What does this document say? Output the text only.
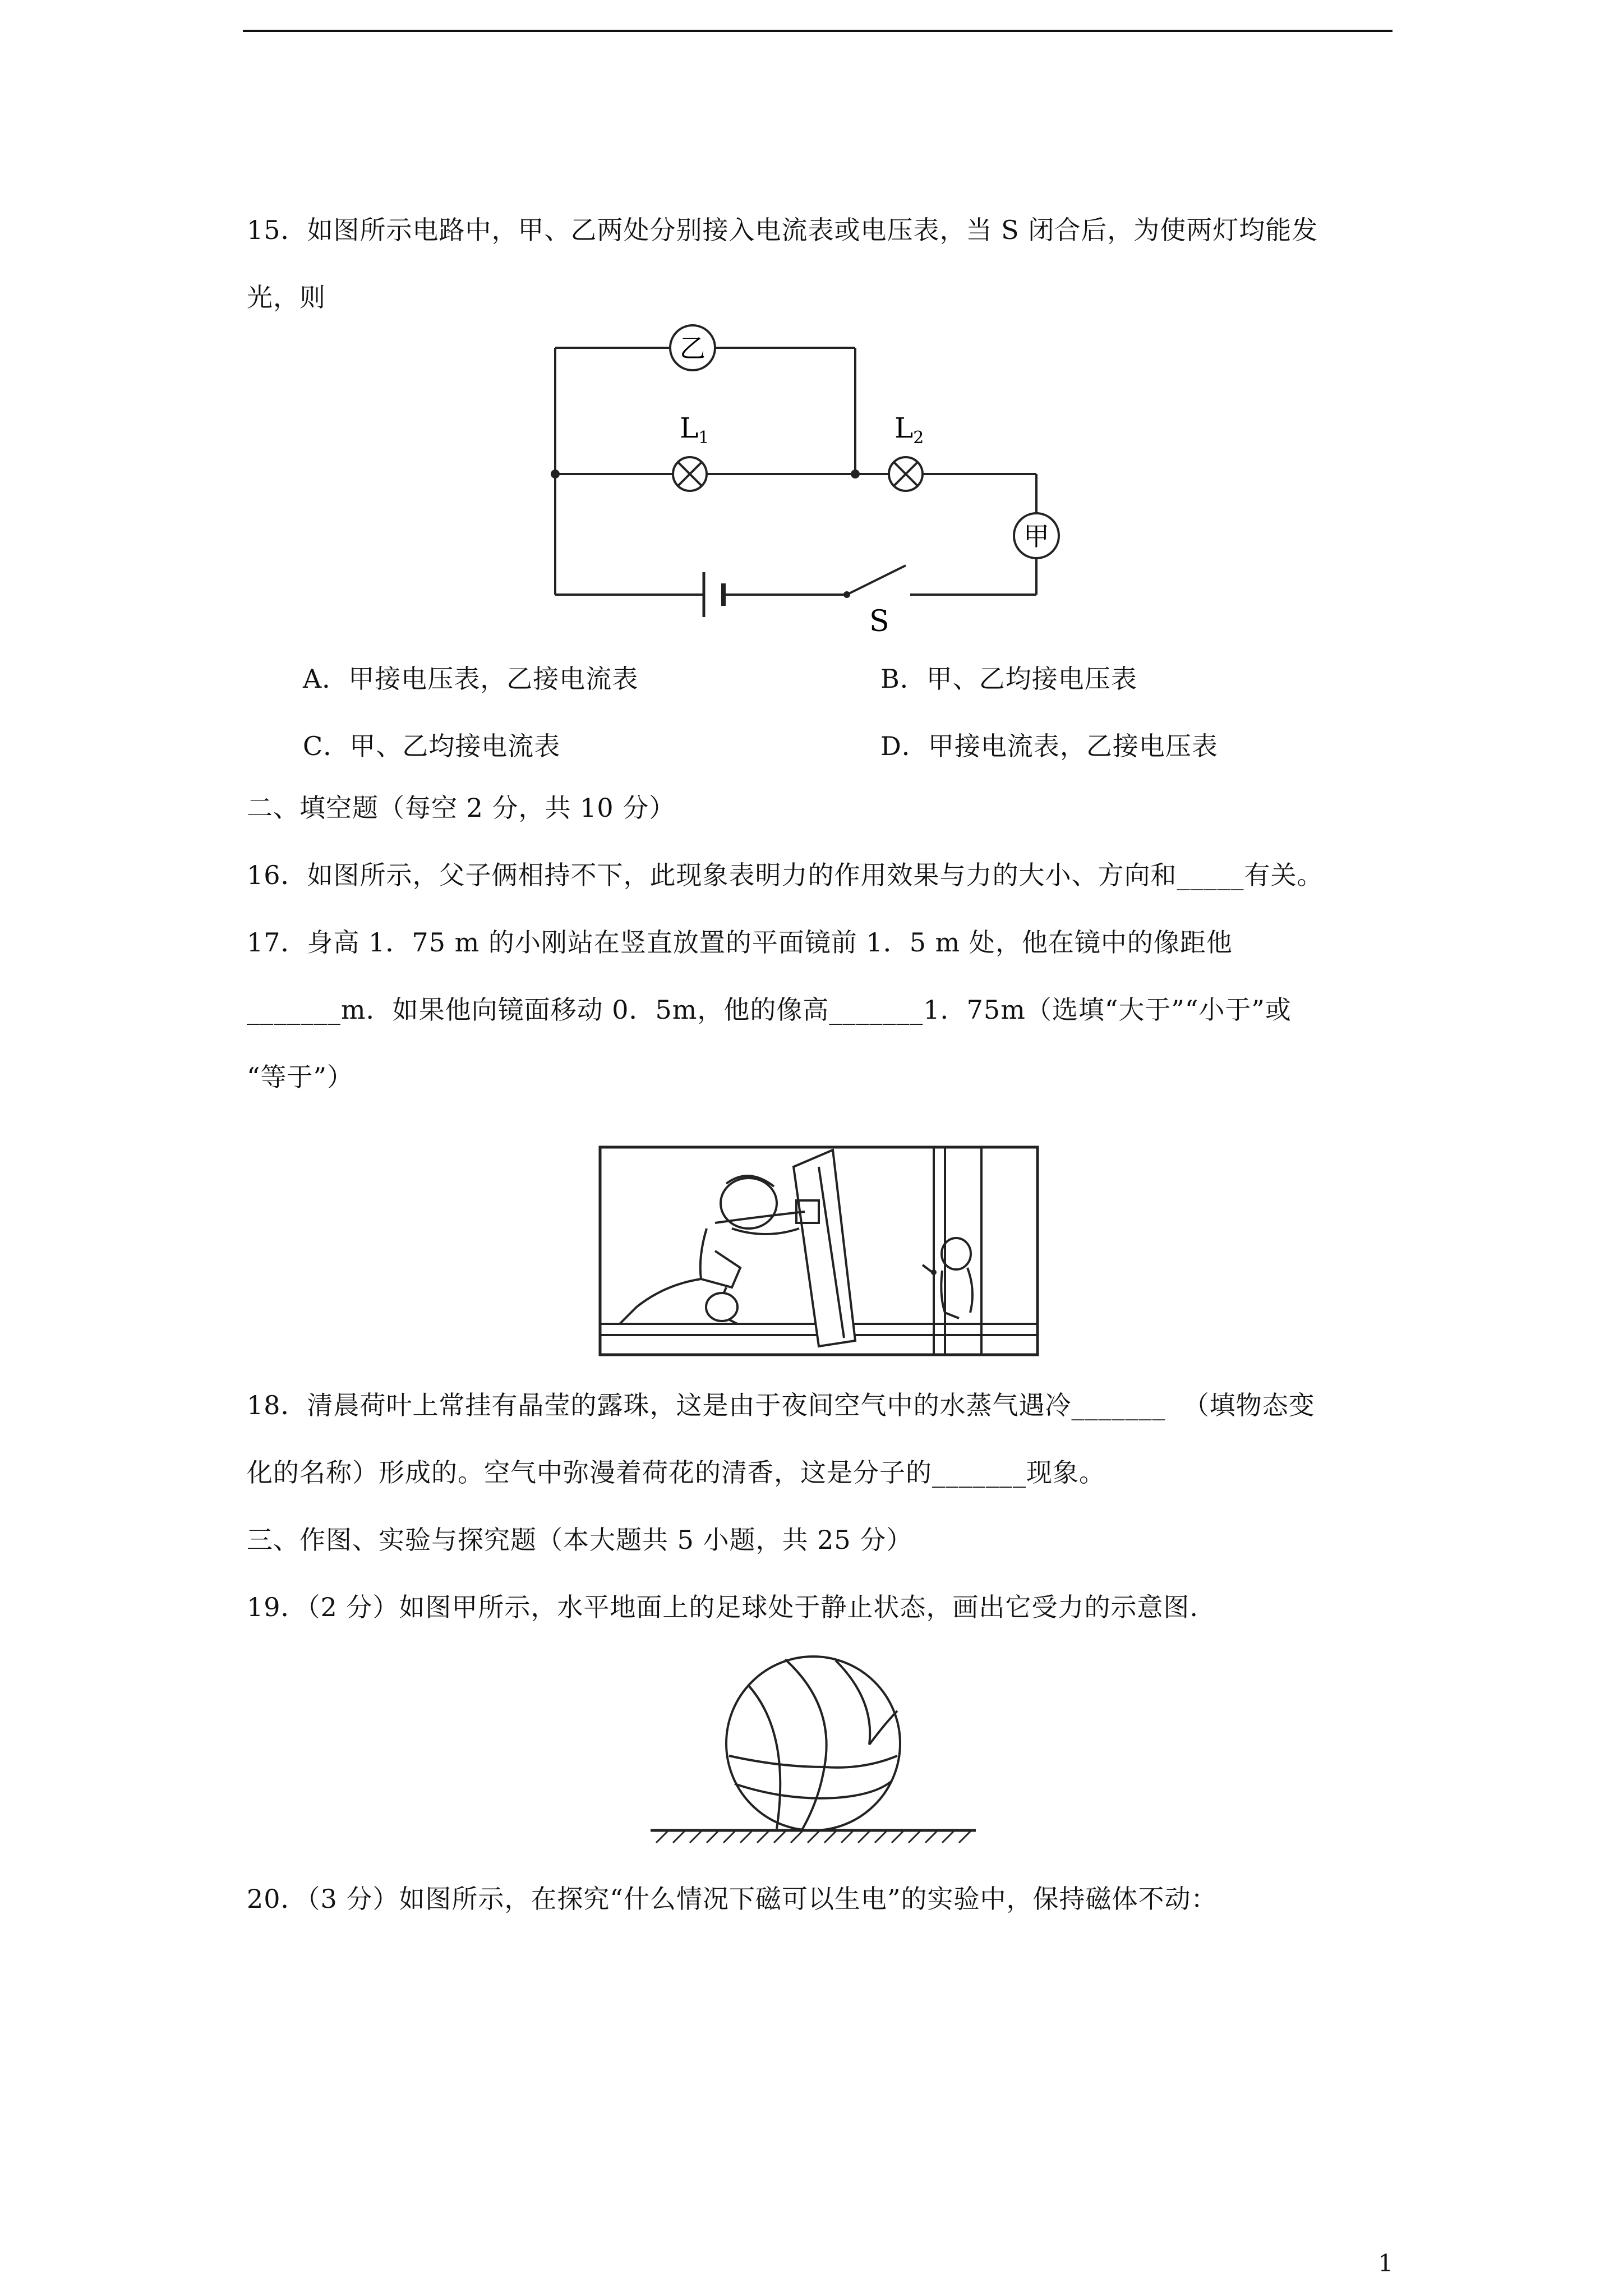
15．如图所示电路中，甲、乙两处分别接入电流表或电压表，当 S 闭合后，为使两灯均能发
光，则
S
乙
甲
$L_1$	$L_2$
A．甲接电压表，乙接电流表	B．甲、乙均接电压表
C．甲、乙均接电流表	D．甲接电流表，乙接电压表
二、填空题（每空 2 分，共 10 分）
16．如图所示，父子俩相持不下，此现象表明力的作用效果与力的大小、方向和_____有关。
17．身高 1．75 m 的小刚站在竖直放置的平面镜前 1．5 m 处，他在镜中的像距他
_______m．如果他向镜面移动 0．5m，他的像高_______1．75m（选填“大于”“小于”或
“等于”）
18．清晨荷叶上常挂有晶莹的露珠，这是由于夜间空气中的水蒸气遇冷_______  （填物态变
化的名称）形成的。空气中弥漫着荷花的清香，这是分子的_______现象。
三、作图、实验与探究题（本大题共 5 小题，共 25 分）
19．（2 分）如图甲所示，水平地面上的足球处于静止状态，画出它受力的示意图.
20．（3 分）如图所示，在探究“什么情况下磁可以生电”的实验中，保持磁体不动：
1
